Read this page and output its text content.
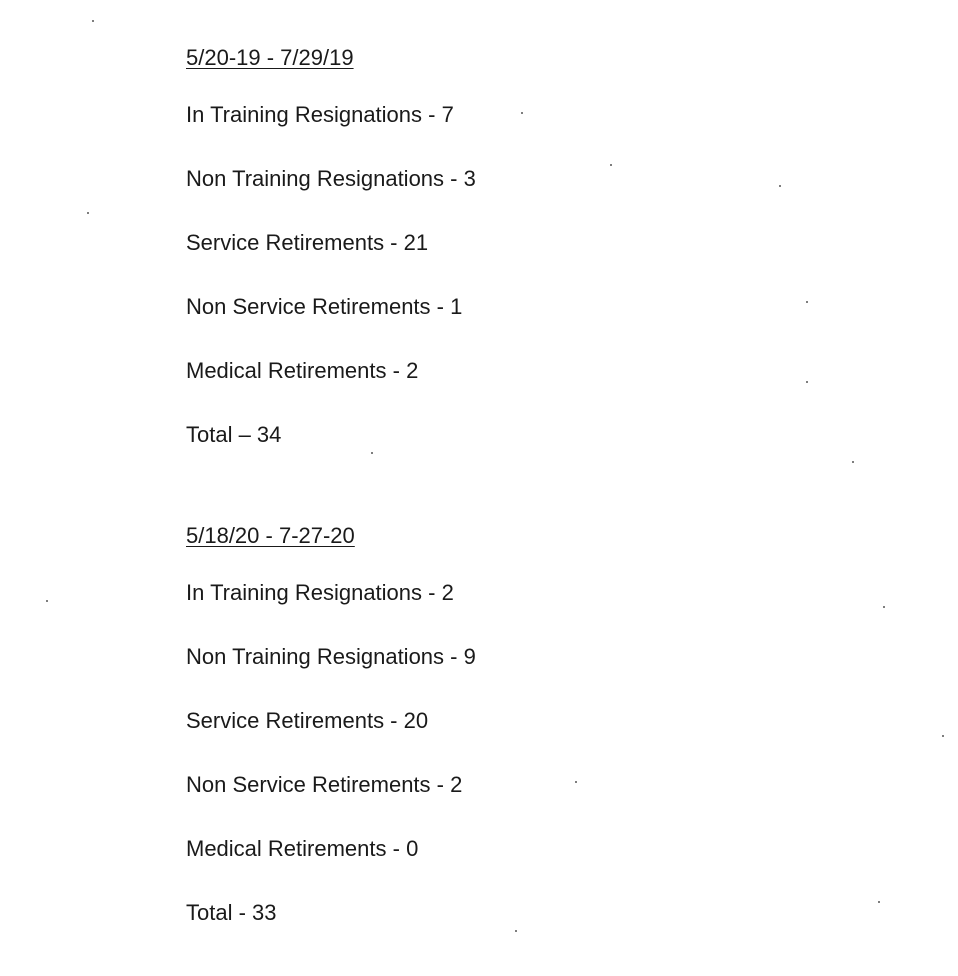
5/20-19 - 7/29/19
In Training Resignations - 7
Non Training Resignations - 3
Service Retirements - 21
Non Service Retirements - 1
Medical Retirements - 2
Total – 34
5/18/20 - 7-27-20
In Training Resignations - 2
Non Training Resignations - 9
Service Retirements - 20
Non Service Retirements - 2
Medical Retirements - 0
Total - 33
